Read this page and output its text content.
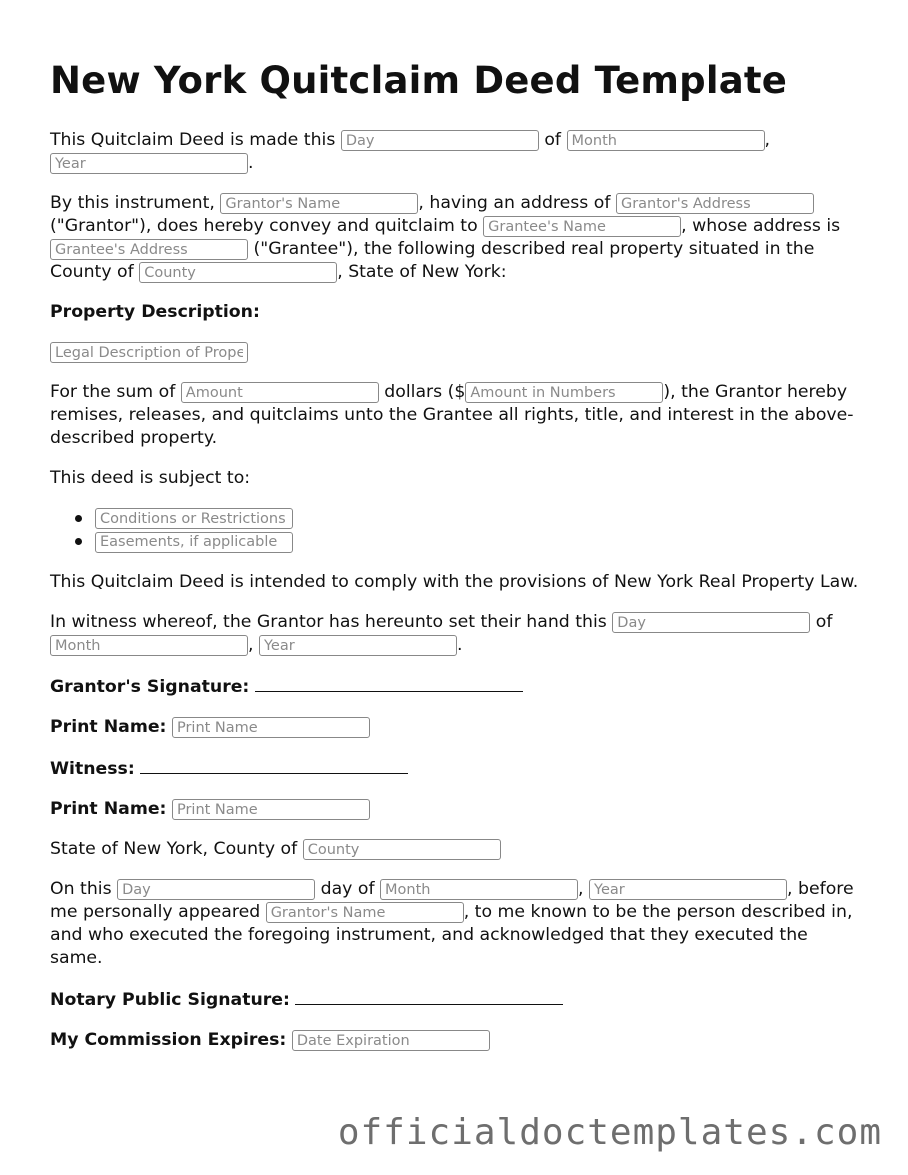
New York Quitclaim Deed Template

This Quitclaim Deed is made this Day	of Month	, Year.

By this instrument, Grantor's Name	, having an address of Grantor's Address ("Grantor"), does hereby convey and quitclaim to Grantee's Name	, whose address is Grantee's Address ("Grantee"), the following described real property situated in the County of County	, State of New York:

Property Description:

Legal Description of Property

For the sum of Amount	dollars ($Amount in Numbers	), the Grantor hereby remises, releases, and quitclaims unto the Grantee all rights, title, and interest in the above-described property.

This deed is subject to:

Conditions or Restrictions
Easements, if applicable

This Quitclaim Deed is intended to comply with the provisions of New York Real Property Law.

In witness whereof, the Grantor has hereunto set their hand this Day	of Month, Year	.

Grantor's Signature:

Print Name: Print Name

Witness:

Print Name: Print Name

State of New York, County of County

On this Day	day of Month	, Year	, before me personally appeared Grantor's Name	, to me known to be the person described in, and who executed the foregoing instrument, and acknowledged that they executed the same.

Notary Public Signature:

My Commission Expires: Date Expiration

officialdoctemplates.com
